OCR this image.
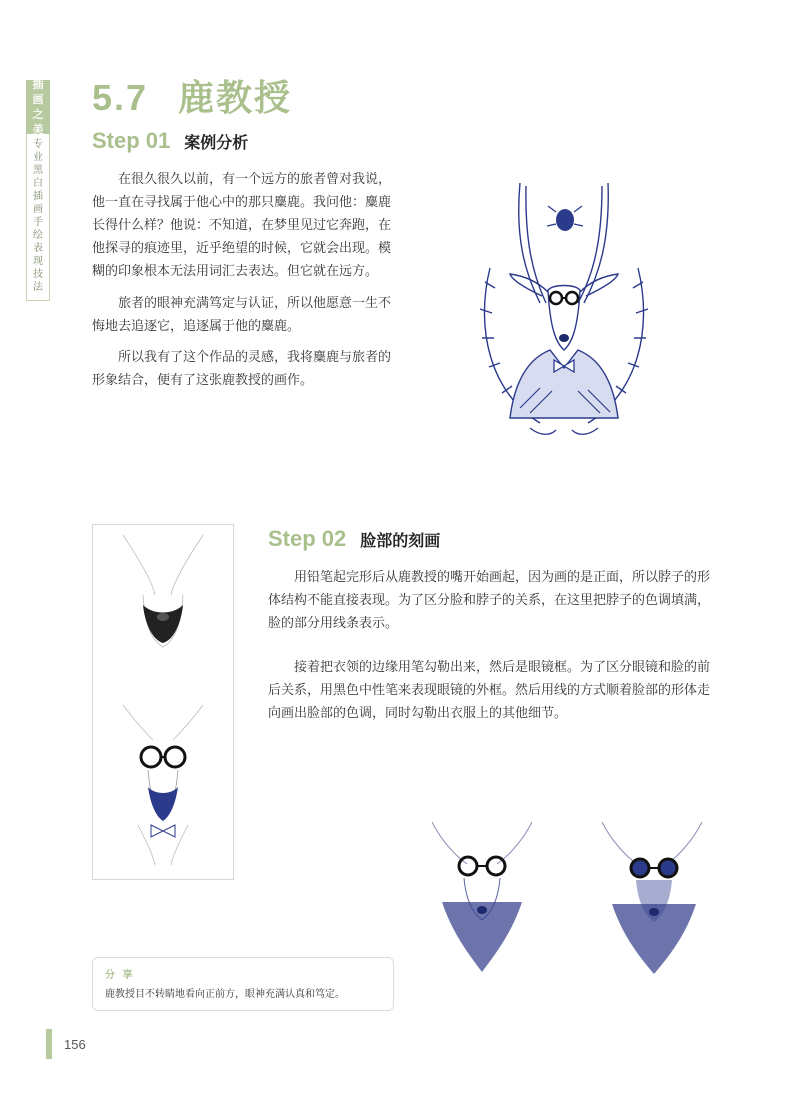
插
画
之
美
专
业
黑
白
插
画
手
绘
表
现
技
法
5.7 鹿教授
Step 01 案例分析

在很久很久以前，有一个远方的旅者曾对我说，他一直在寻找属于他心中的那只麋鹿。我问他：麋鹿长得什么样？他说：不知道，在梦里见过它奔跑，在他探寻的痕迹里，近乎绝望的时候，它就会出现。模糊的印象根本无法用词汇去表达。但它就在远方。

旅者的眼神充满笃定与认证，所以他愿意一生不悔地去追逐它，追逐属于他的麋鹿。

所以我有了这个作品的灵感，我将麋鹿与旅者的形象结合，便有了这张鹿教授的画作。

Step 02 脸部的刻画

用铅笔起完形后从鹿教授的嘴开始画起，因为画的是正面，所以脖子的形体结构不能直接表现。为了区分脸和脖子的关系，在这里把脖子的色调填满，脸的部分用线条表示。

接着把衣领的边缘用笔勾勒出来，然后是眼镜框。为了区分眼镜和脸的前后关系，用黑色中性笔来表现眼镜的外框。然后用线的方式顺着脸部的形体走向画出脸部的色调，同时勾勒出衣服上的其他细节。

分 享
鹿教授目不转睛地看向正前方，眼神充满认真和笃定。
156
